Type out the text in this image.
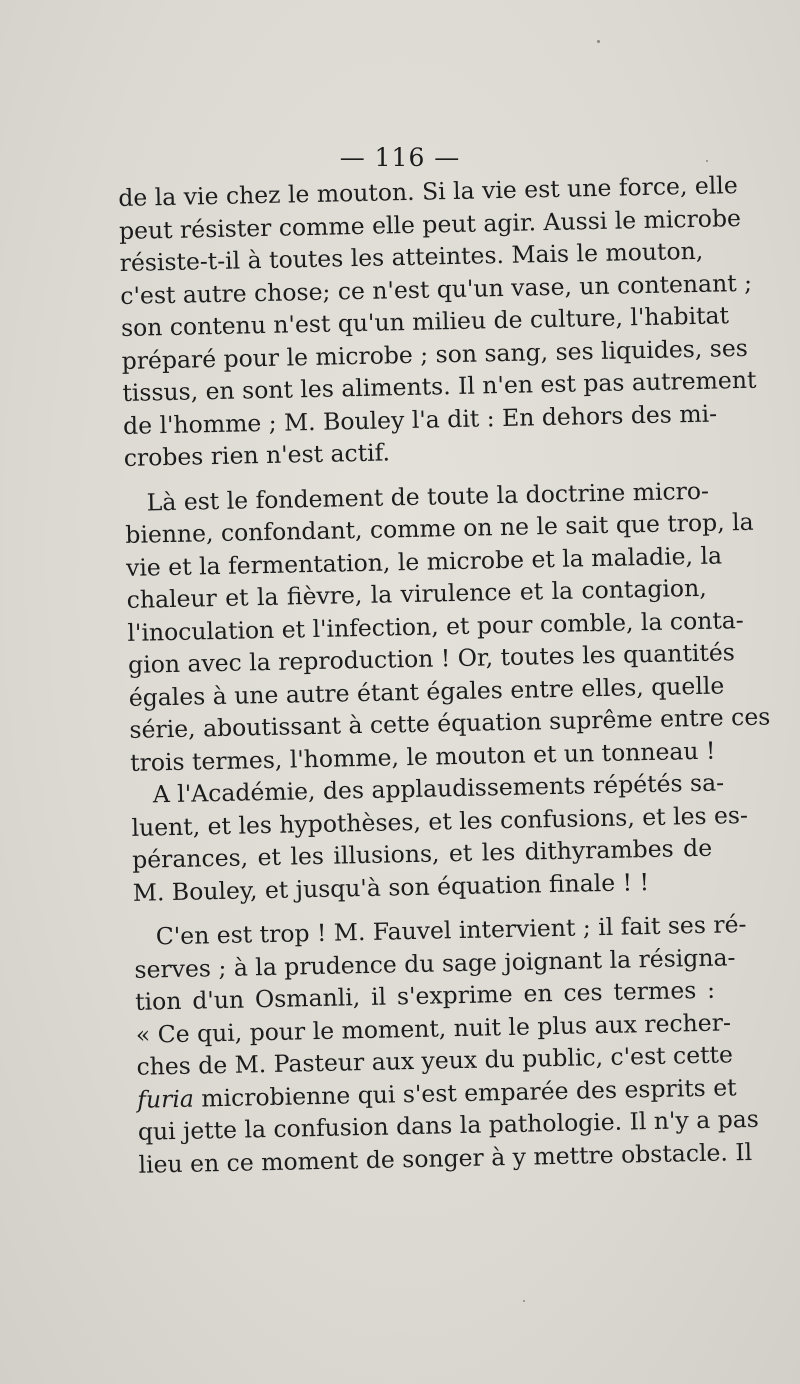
— 116 —
de la vie chez le mouton. Si la vie est une force, elle
peut résister comme elle peut agir. Aussi le microbe
résiste-t-il à toutes les atteintes. Mais le mouton,
c'est autre chose; ce n'est qu'un vase, un contenant ;
son contenu n'est qu'un milieu de culture, l'habitat
préparé pour le microbe ; son sang, ses liquides, ses
tissus, en sont les aliments. Il n'en est pas autrement
de l'homme ; M. Bouley l'a dit : En dehors des mi-
crobes rien n'est actif.
Là est le fondement de toute la doctrine micro-
bienne, confondant, comme on ne le sait que trop, la
vie et la fermentation, le microbe et la maladie, la
chaleur et la fièvre, la virulence et la contagion,
l'inoculation et l'infection, et pour comble, la conta-
gion avec la reproduction ! Or, toutes les quantités
égales à une autre étant égales entre elles, quelle
série, aboutissant à cette équation suprême entre ces
trois termes, l'homme, le mouton et un tonneau !
A l'Académie, des applaudissements répétés sa-
luent, et les hypothèses, et les confusions, et les es-
pérances, et les illusions, et les dithyrambes de
M. Bouley, et jusqu'à son équation finale ! !
C'en est trop ! M. Fauvel intervient ; il fait ses ré-
serves ; à la prudence du sage joignant la résigna-
tion d'un Osmanli, il s'exprime en ces termes :
« Ce qui, pour le moment, nuit le plus aux recher-
ches de M. Pasteur aux yeux du public, c'est cette
furia microbienne qui s'est emparée des esprits et
qui jette la confusion dans la pathologie. Il n'y a pas
lieu en ce moment de songer à y mettre obstacle. Il
